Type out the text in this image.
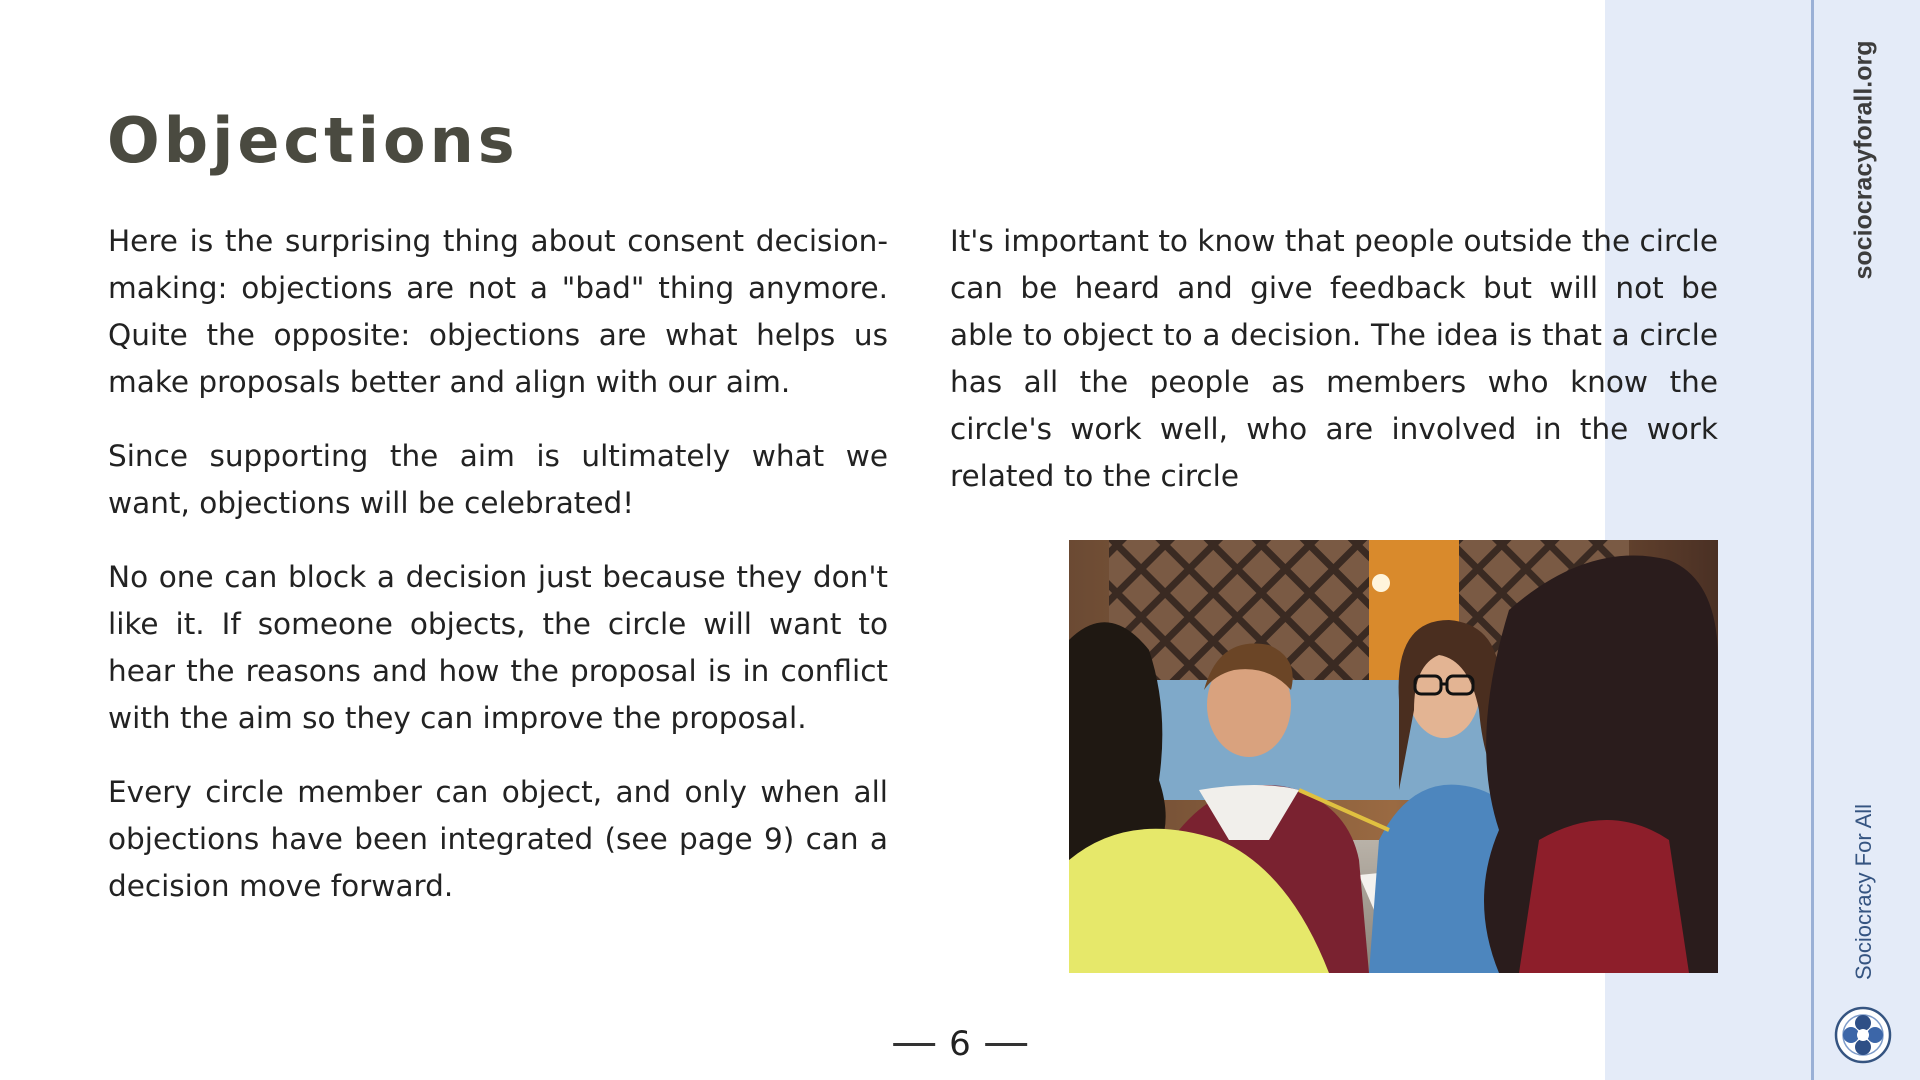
sociocracyforall.org
Sociocracy For All
Objections

Here is the surprising thing about consent decision-making: objections are not a "bad" thing anymore. Quite the opposite: objections are what helps us make proposals better and align with our aim.

Since supporting the aim is ultimately what we want, objections will be celebrated!

No one can block a decision just because they don't like it. If someone objects, the circle will want to hear the reasons and how the proposal is in conflict with the aim so they can improve the proposal.

Every circle member can object, and only when all objections have been integrated (see page 9) can a decision move forward.

It's important to know that people outside the circle can be heard and give feedback but will not be able to object to a decision. The idea is that a circle has all the people as members who know the circle's work well, who are involved in the work related to the circle

6
